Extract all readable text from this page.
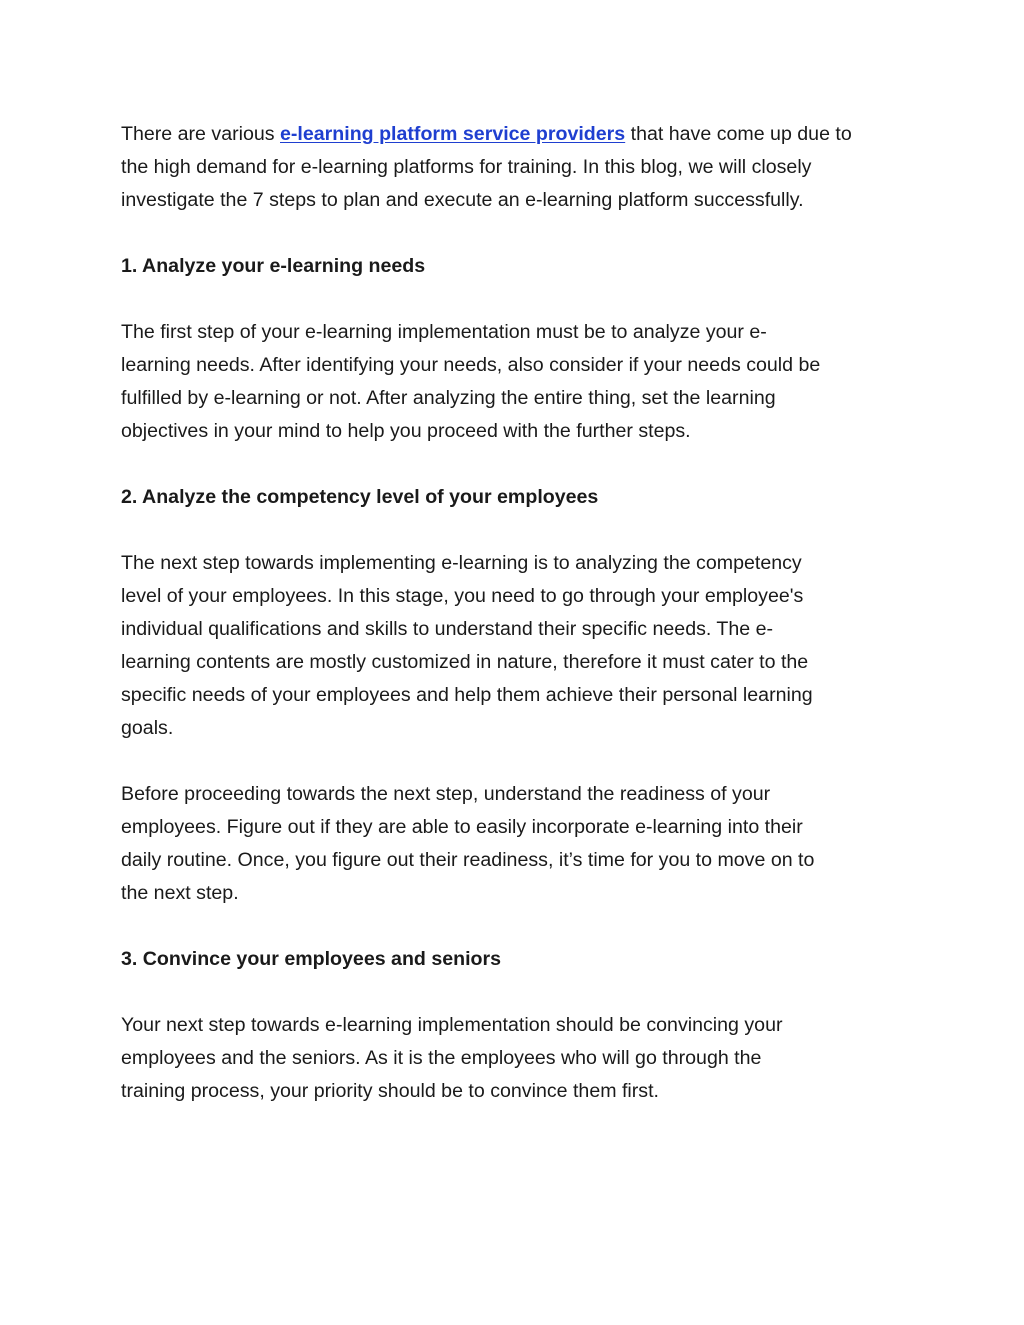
There are various e-learning platform service providers that have come up due to
the high demand for e-learning platforms for training. In this blog, we will closely
investigate the 7 steps to plan and execute an e-learning platform successfully.

1. Analyze your e-learning needs

The first step of your e-learning implementation must be to analyze your e-
learning needs. After identifying your needs, also consider if your needs could be
fulfilled by e-learning or not. After analyzing the entire thing, set the learning
objectives in your mind to help you proceed with the further steps.

2. Analyze the competency level of your employees

The next step towards implementing e-learning is to analyzing the competency
level of your employees. In this stage, you need to go through your employee's
individual qualifications and skills to understand their specific needs. The e-
learning contents are mostly customized in nature, therefore it must cater to the
specific needs of your employees and help them achieve their personal learning
goals.

Before proceeding towards the next step, understand the readiness of your
employees. Figure out if they are able to easily incorporate e-learning into their
daily routine. Once, you figure out their readiness, it’s time for you to move on to
the next step.

3. Convince your employees and seniors

Your next step towards e-learning implementation should be convincing your
employees and the seniors. As it is the employees who will go through the
training process, your priority should be to convince them first.
